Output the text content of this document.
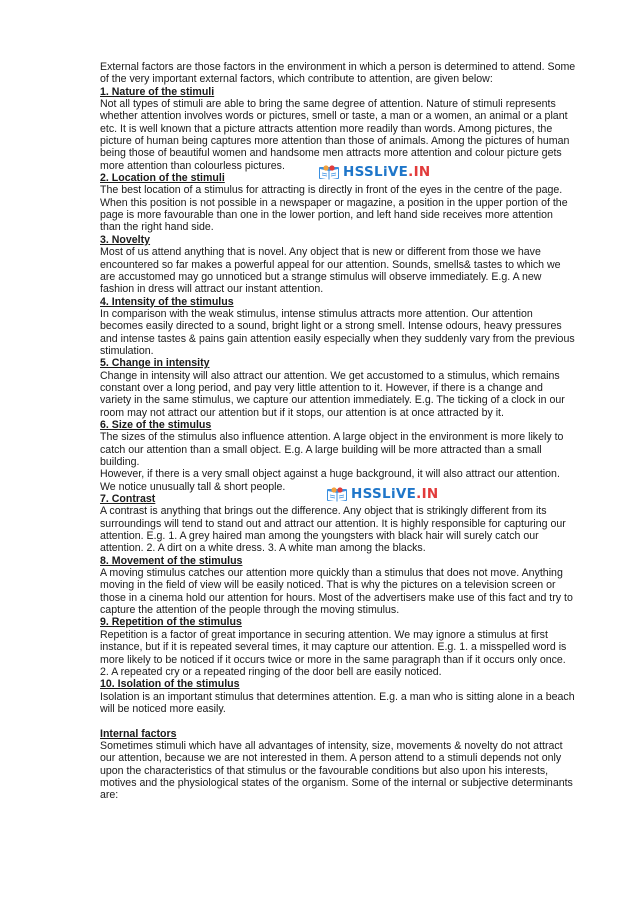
External factors are those factors in the environment in which a person is determined to attend. Some of the very important external factors, which contribute to attention, are given below:

1. Nature of the stimuli

Not all types of stimuli are able to bring the same degree of attention. Nature of stimuli represents whether attention involves words or pictures, smell or taste, a man or a women, an animal or a plant etc. It is well known that a picture attracts attention more readily than words. Among pictures, the picture of human being captures more attention than those of animals. Among the pictures of human being those of beautiful women and handsome men attracts more attention and colour picture gets more attention than colourless pictures.

2. Location of the stimuli

The best location of a stimulus for attracting is directly in front of the eyes in the centre of the page. When this position is not possible in a newspaper or magazine, a position in the upper portion of the page is more favourable than one in the lower portion, and left hand side receives more attention than the right hand side.

3. Novelty

Most of us attend anything that is novel. Any object that is new or different from those we have encountered so far makes a powerful appeal for our attention. Sounds, smells& tastes to which we are accustomed may go unnoticed but a strange stimulus will observe immediately. E.g. A new fashion in dress will attract our instant attention.

4. Intensity of the stimulus

In comparison with the weak stimulus, intense stimulus attracts more attention. Our attention becomes easily directed to a sound, bright light or a strong smell. Intense odours, heavy pressures and intense tastes & pains gain attention easily especially when they suddenly vary from the previous stimulation.

5. Change in intensity

Change in intensity will also attract our attention. We get accustomed to a stimulus, which remains constant over a long period, and pay very little attention to it. However, if there is a change and variety in the same stimulus, we capture our attention immediately. E.g. The ticking of a clock in our room may not attract our attention but if it stops, our attention is at once attracted by it.

6. Size of the stimulus

The sizes of the stimulus also influence attention. A large object in the environment is more likely to catch our attention than a small object. E.g. A large building will be more attracted than a small building.

However, if there is a very small object against a huge background, it will also attract our attention. We notice unusually tall & short people.

7. Contrast

A contrast is anything that brings out the difference. Any object that is strikingly different from its surroundings will tend to stand out and attract our attention. It is highly responsible for capturing our attention. E.g. 1. A grey haired man among the youngsters with black hair will surely catch our attention. 2. A dirt on a white dress. 3. A white man among the blacks.

8. Movement of the stimulus

A moving stimulus catches our attention more quickly than a stimulus that does not move. Anything moving in the field of view will be easily noticed. That is why the pictures on a television screen or those in a cinema hold our attention for hours. Most of the advertisers make use of this fact and try to capture the attention of the people through the moving stimulus.

9. Repetition of the stimulus

Repetition is a factor of great importance in securing attention. We may ignore a stimulus at first instance, but if it is repeated several times, it may capture our attention. E.g. 1. a misspelled word is more likely to be noticed if it occurs twice or more in the same paragraph than if it occurs only once. 2. A repeated cry or a repeated ringing of the door bell are easily noticed.

10. Isolation of the stimulus

Isolation is an important stimulus that determines attention. E.g. a man who is sitting alone in a beach will be noticed more easily.

Internal factors

Sometimes stimuli which have all advantages of intensity, size, movements & novelty do not attract our attention, because we are not interested in them. A person attend to a stimuli depends not only upon the characteristics of that stimulus or the favourable conditions but also upon his interests, motives and the physiological states of the organism. Some of the internal or subjective determinants are:

HSSLiVE.IN
HSSLiVE.IN
